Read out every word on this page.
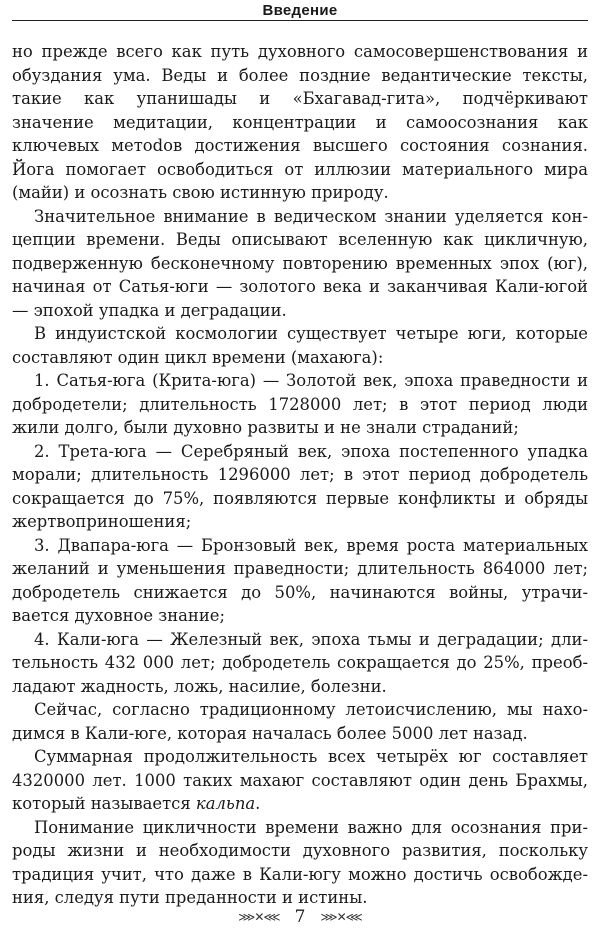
Введение

но прежде всего как путь духовного самосовершенствования и обуздания ума. Веды и более поздние ведантические тексты, такие как упанишады и «Бхагавад-гита», подчёркивают значение медитации, концентрации и самоосознания как ключевых метоdов достижения высшего состояния сознания. Йога помогает освободиться от иллюзии материального мира (майи) и осознать свою истинную природу.

Значительное внимание в ведическом знании уделяется концепции времени. Веды описывают вселенную как цикличную, подверженную бесконечному повторению временных эпох (юг), начиная от Сатья-юги — золотого века и заканчивая Кали-югой — эпохой упадка и деградации.

В индуистской космологии существует четыре юги, которые составляют один цикл времени (махаюга):

1. Сатья-юга (Крита-юга) — Золотой век, эпоха праведности и добродетели; длительность 1728000 лет; в этот период люди жили долго, были духовно развиты и не знали страданий;

2. Трета-юга — Серебряный век, эпоха постепенного упадка морали; длительность 1296000 лет; в этот период добродетель сокращается до 75%, появляются первые конфликты и обряды жертвоприношения;

3. Двапара-юга — Бронзовый век, время роста материальных желаний и уменьшения праведности; длительность 864000 лет; добродетель снижается до 50%, начинаются войны, утрачивается духовное знание;

4. Кали-юга — Железный век, эпоха тьмы и деградации; длительность 432 000 лет; добродетель сокращается до 25%, преобладают жадность, ложь, насилие, болезни.

Сейчас, согласно традиционному летоисчислению, мы находимся в Кали-юге, которая началась более 5000 лет назад.

Суммарная продолжительность всех четырёх юг составляет 4320000 лет. 1000 таких махаюг составляют один день Брахмы, который называется кальпа.

Понимание цикличности времени важно для осознания природы жизни и необходимости духовного развития, поскольку традиция учит, что даже в Кали-югу можно достичь освобождения, следуя пути преданности и истины.

⋙✕⋘ 7 ⋙✕⋘
